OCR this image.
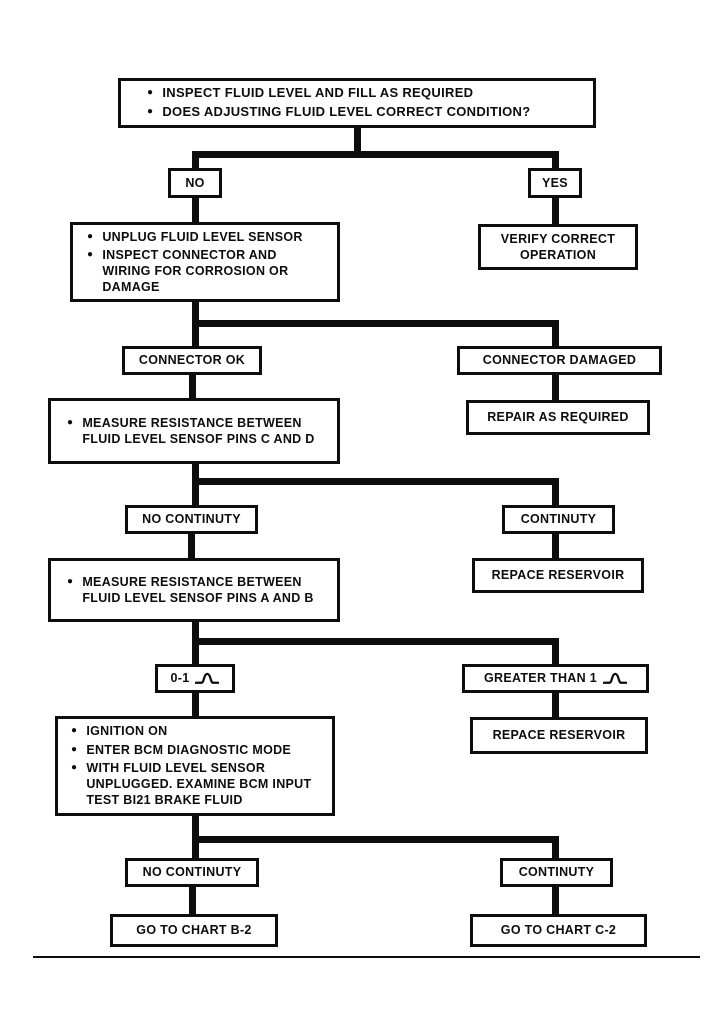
● INSPECT FLUID LEVEL AND FILL AS REQUIRED
● DOES ADJUSTING FLUID LEVEL CORRECT CONDITION?
NO	YES
● UNPLUG FLUID LEVEL SENSOR
● INSPECT CONNECTOR AND WIRING FOR CORROSION OR DAMAGE
VERIFY CORRECT OPERATION
CONNECTOR OK	CONNECTOR DAMAGED
● MEASURE RESISTANCE BETWEEN FLUID LEVEL SENSOF PINS C AND D
REPAIR AS REQUIRED
NO CONTINUTY	CONTINUTY
● MEASURE RESISTANCE BETWEEN FLUID LEVEL SENSOF PINS A AND B
REPACE RESERVOIR
0-1	GREATER THAN 1
● IGNITION ON
● ENTER BCM DIAGNOSTIC MODE
● WITH FLUID LEVEL SENSOR UNPLUGGED. EXAMINE BCM INPUT TEST BI21 BRAKE FLUID
REPACE RESERVOIR
NO CONTINUTY	CONTINUTY
GO TO CHART B-2	GO TO CHART C-2
